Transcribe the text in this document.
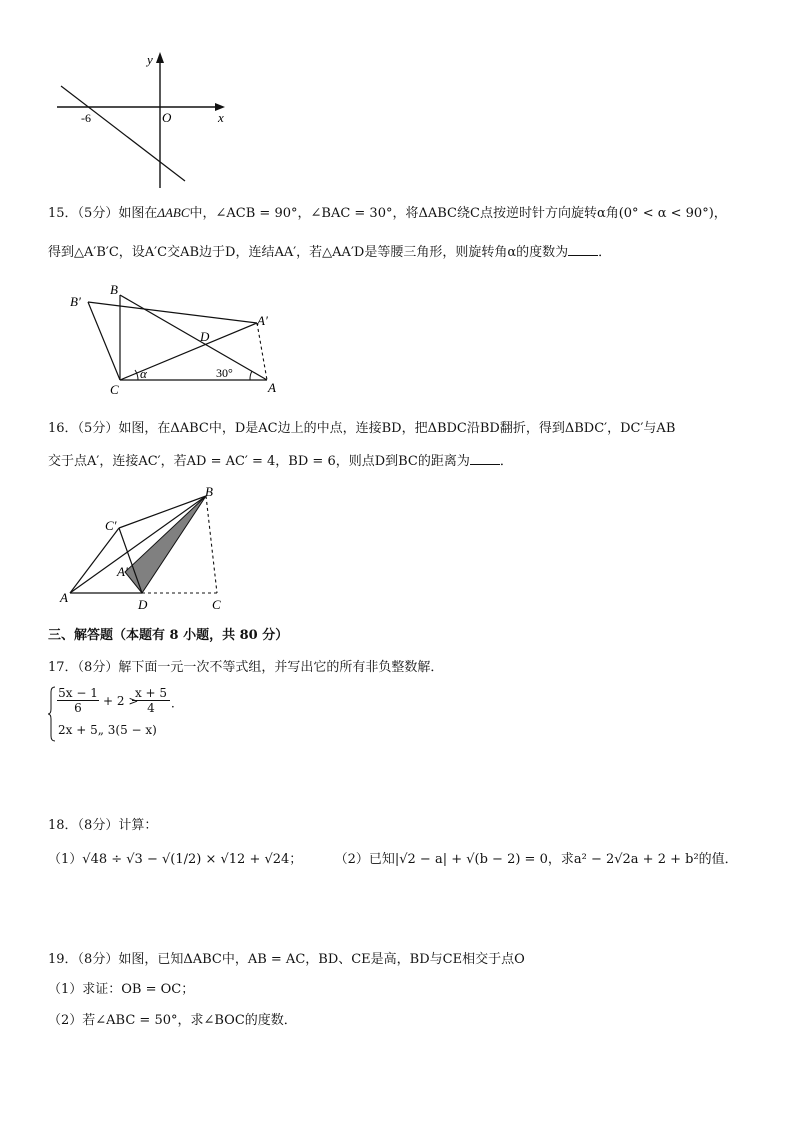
y
x
O
-6
15．（5分）如图在ΔABC中，∠ACB = 90°，∠BAC = 30°，将ΔABC绕C点按逆时针方向旋转α角(0° < α < 90°)，
得到△A′B′C，设A′C交AB边于D，连结AA′，若△AA′D是等腰三角形，则旋转角α的度数为 ．
B
B′
A′
D
C	A
α	30°
16．（5分）如图，在ΔABC中，D是AC边上的中点，连接BD，把ΔBDC沿BD翻折，得到ΔBDC′，DC′与AB
交于点A′，连接AC′，若AD = AC′ = 4，BD = 6，则点D到BC的距离为 ．
B
C′
A′
A	D	C
三、解答题（本题有 8 小题，共 80 分）
17．（8分）解下面一元一次不等式组，并写出它的所有非负整数解．
$\frac{5x - 1}{6} + 2$ >
$\frac{x + 5}{4}$ ．
2x + 5„ 3(5 − x)
18．（8分）计算：
（1）√48 ÷ √3 − √(1/2) × √12 + √24； （2）已知|√2 − a| + √(b − 2) = 0，求a² − 2√2a + 2 + b²的值．
19．（8分）如图，已知ΔABC中，AB = AC，BD、CE是高，BD与CE相交于点O
（1）求证：OB = OC；
（2）若∠ABC = 50°，求∠BOC的度数．
